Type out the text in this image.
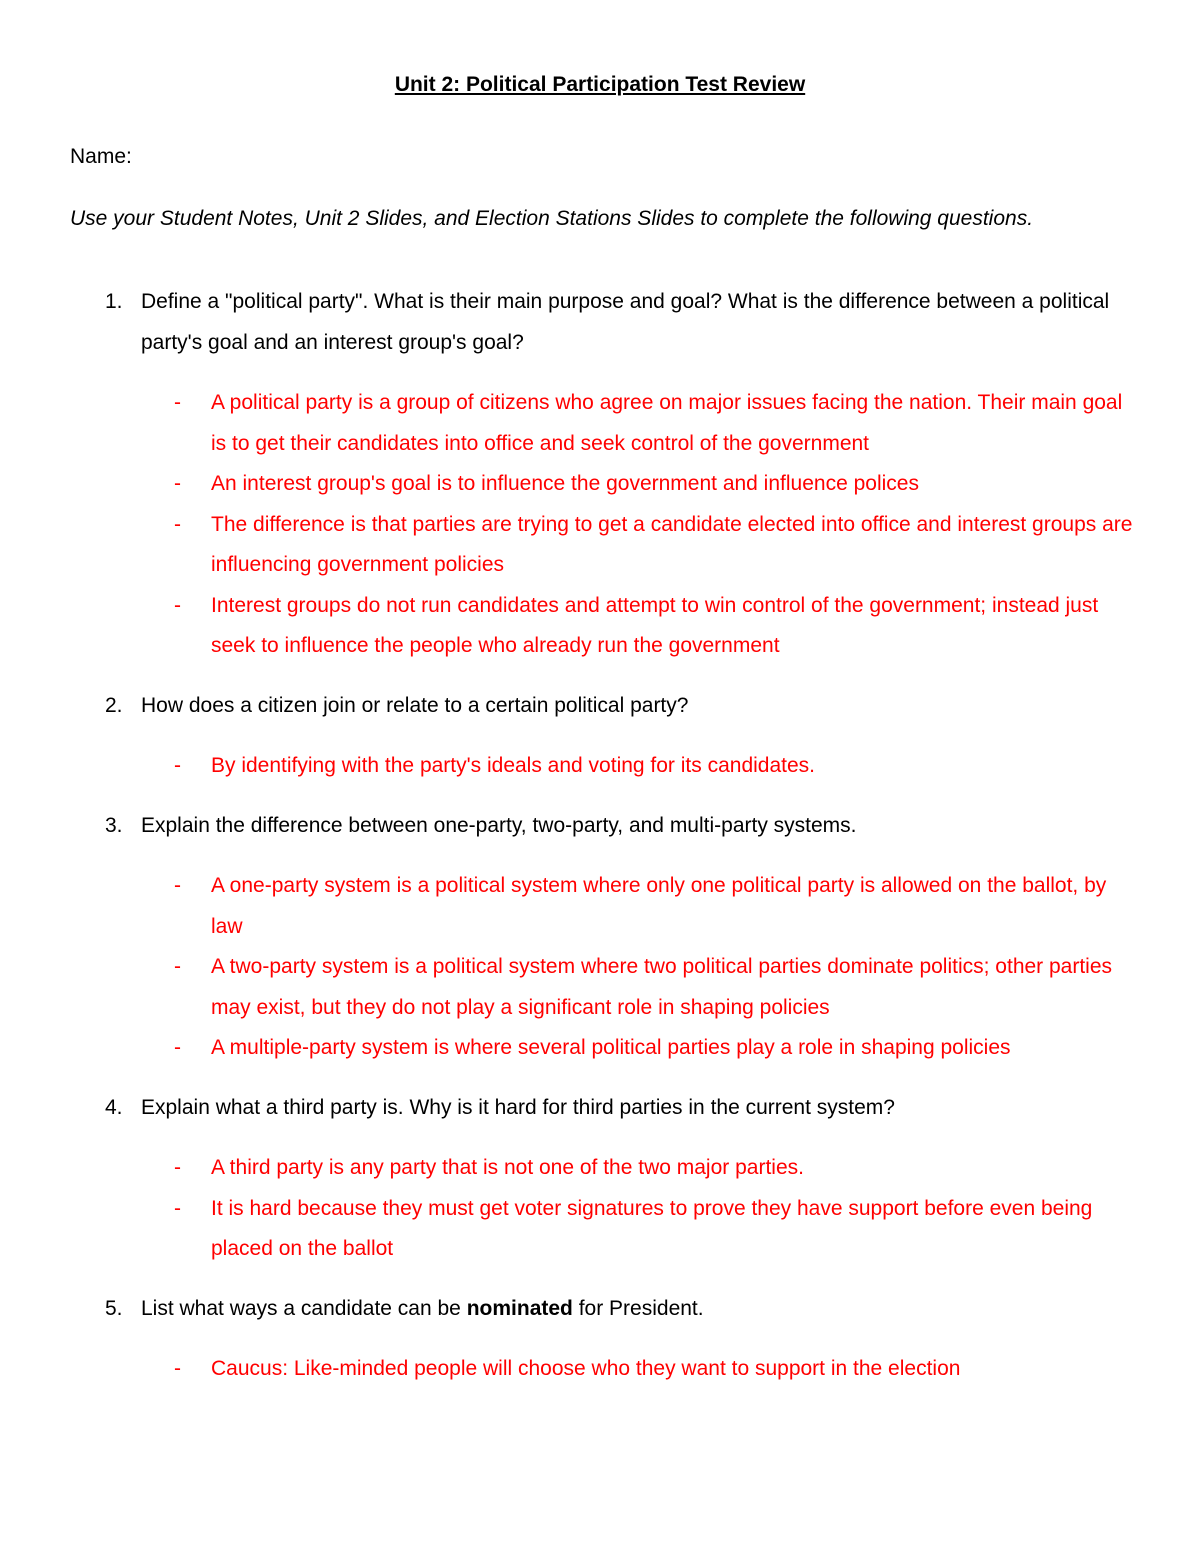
Unit 2: Political Participation Test Review
Name:
Use your Student Notes, Unit 2 Slides, and Election Stations Slides to complete the following questions.
1. Define a "political party". What is their main purpose and goal? What is the difference between a political party's goal and an interest group's goal?
- A political party is a group of citizens who agree on major issues facing the nation. Their main goal is to get their candidates into office and seek control of the government
- An interest group's goal is to influence the government and influence polices
- The difference is that parties are trying to get a candidate elected into office and interest groups are influencing government policies
- Interest groups do not run candidates and attempt to win control of the government; instead just seek to influence the people who already run the government
2. How does a citizen join or relate to a certain political party?
- By identifying with the party's ideals and voting for its candidates.
3. Explain the difference between one-party, two-party, and multi-party systems.
- A one-party system is a political system where only one political party is allowed on the ballot, by law
- A two-party system is a political system where two political parties dominate politics; other parties may exist, but they do not play a significant role in shaping policies
- A multiple-party system is where several political parties play a role in shaping policies
4. Explain what a third party is. Why is it hard for third parties in the current system?
- A third party is any party that is not one of the two major parties.
- It is hard because they must get voter signatures to prove they have support before even being placed on the ballot
5. List what ways a candidate can be nominated for President.
- Caucus: Like-minded people will choose who they want to support in the election
